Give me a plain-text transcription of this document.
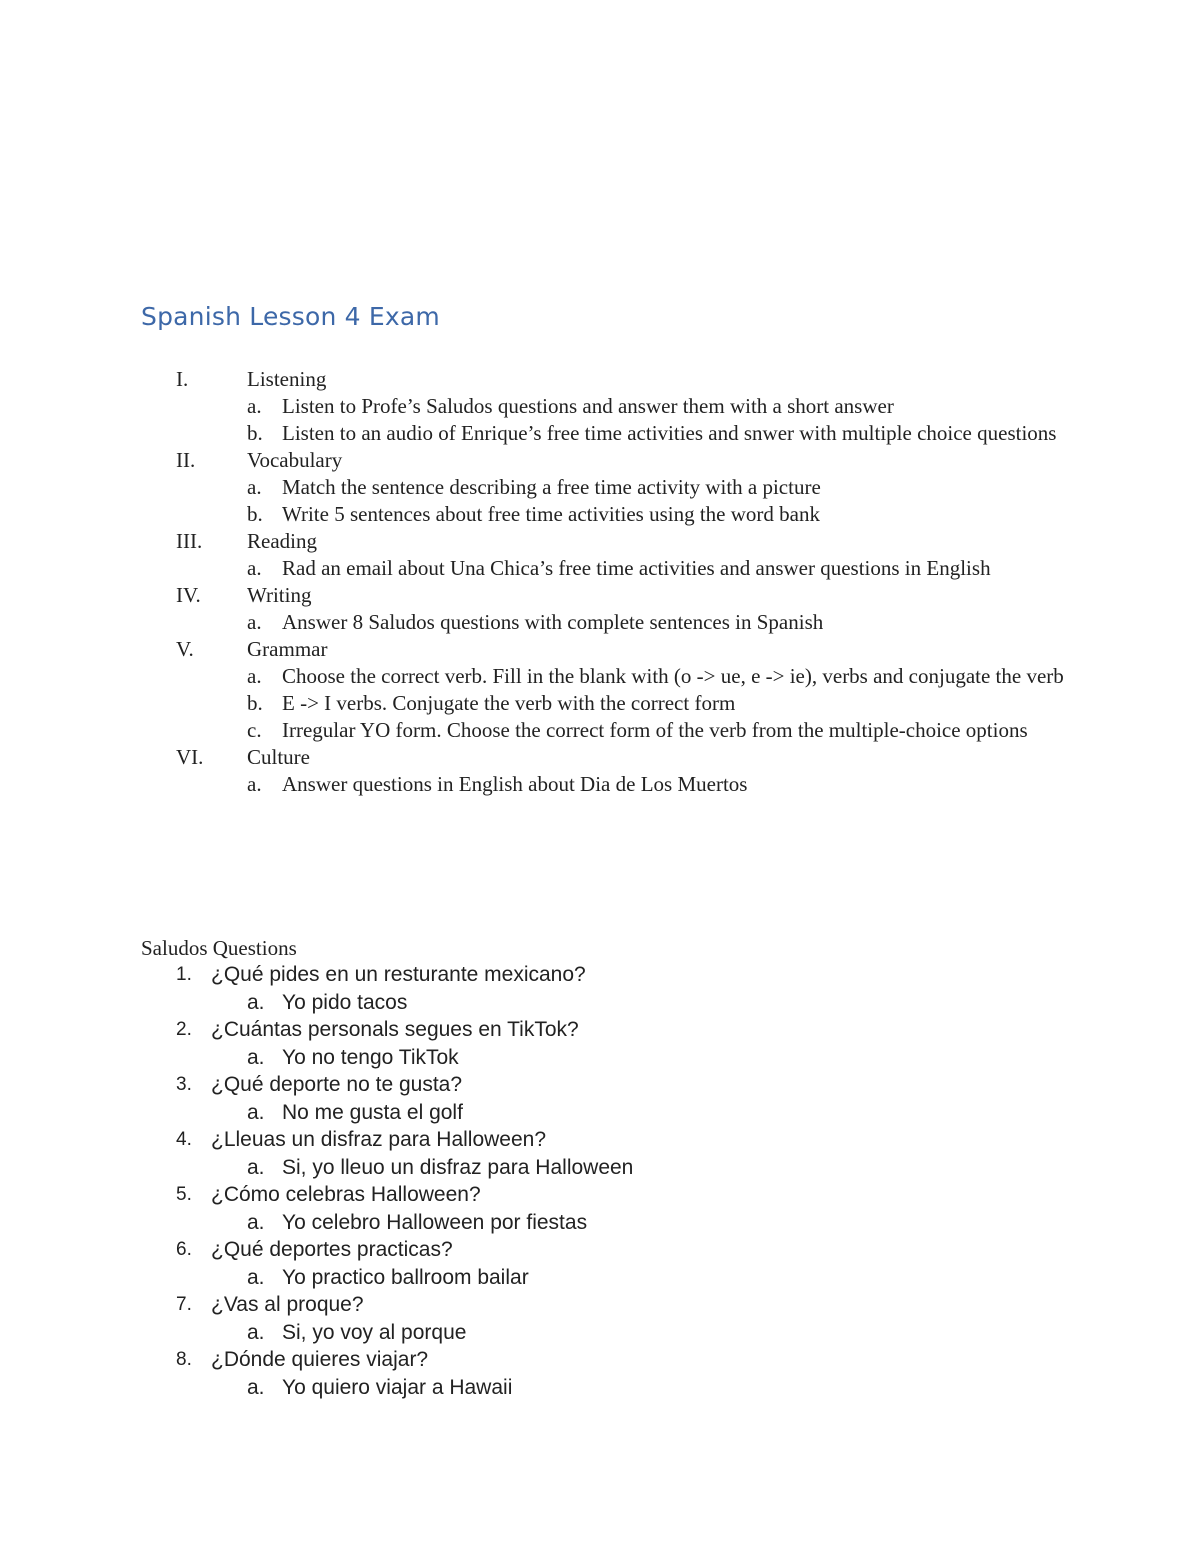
Spanish Lesson 4 Exam
I.	Listening
a. Listen to Profe’s Saludos questions and answer them with a short answer
b. Listen to an audio of Enrique’s free time activities and snwer with multiple choice questions
II. Vocabulary
a. Match the sentence describing a free time activity with a picture
b. Write 5 sentences about free time activities using the word bank
III. Reading
a. Rad an email about Una Chica’s free time activities and answer questions in English
IV. Writing
a. Answer 8 Saludos questions with complete sentences in Spanish
V.	Grammar
a. Choose the correct verb. Fill in the blank with (o -> ue, e -> ie), verbs and conjugate the verb
b. E -> I verbs. Conjugate the verb with the correct form
c. Irregular YO form. Choose the correct form of the verb from the multiple-choice options
VI. Culture
a. Answer questions in English about Dia de Los Muertos
Saludos Questions
1. ¿Qué pides en un resturante mexicano?
a. Yo pido tacos
2. ¿Cuántas personals segues en TikTok?
a. Yo no tengo TikTok
3. ¿Qué deporte no te gusta?
a. No me gusta el golf
4. ¿Lleuas un disfraz para Halloween?
a. Si, yo lleuo un disfraz para Halloween
5. ¿Cómo celebras Halloween?
a. Yo celebro Halloween por fiestas
6. ¿Qué deportes practicas?
a. Yo practico ballroom bailar
7. ¿Vas al proque?
a. Si, yo voy al porque
8. ¿Dónde quieres viajar?
a. Yo quiero viajar a Hawaii
